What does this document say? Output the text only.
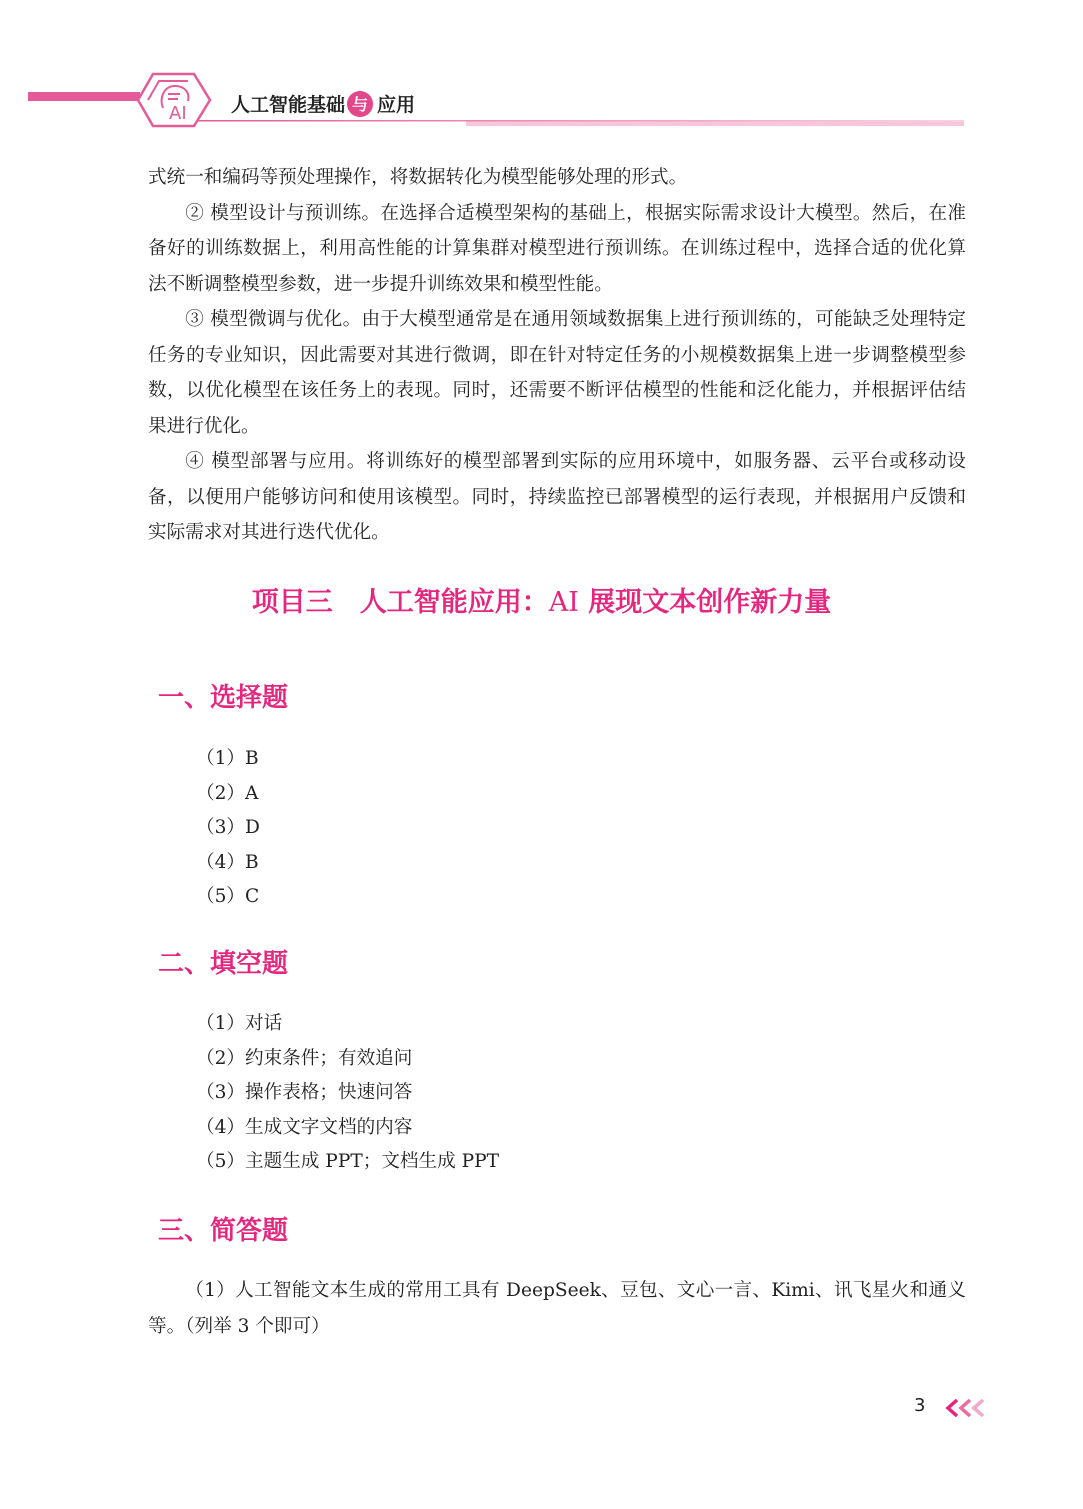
AI 人工智能基础 与 应用

式统一和编码等预处理操作，将数据转化为模型能够处理的形式。

② 模型设计与预训练。在选择合适模型架构的基础上，根据实际需求设计大模型。然后，在准备好的训练数据上，利用高性能的计算集群对模型进行预训练。在训练过程中，选择合适的优化算法不断调整模型参数，进一步提升训练效果和模型性能。

③ 模型微调与优化。由于大模型通常是在通用领域数据集上进行预训练的，可能缺乏处理特定任务的专业知识，因此需要对其进行微调，即在针对特定任务的小规模数据集上进一步调整模型参数，以优化模型在该任务上的表现。同时，还需要不断评估模型的性能和泛化能力，并根据评估结果进行优化。

④ 模型部署与应用。将训练好的模型部署到实际的应用环境中，如服务器、云平台或移动设备，以便用户能够访问和使用该模型。同时，持续监控已部署模型的运行表现，并根据用户反馈和实际需求对其进行迭代优化。

项目三　人工智能应用：AI 展现文本创作新力量
一、选择题
（1）B
（2）A
（3）D
（4）B
（5）C
二、填空题
（1）对话
（2）约束条件；有效追问
（3）操作表格；快速问答
（4）生成文字文档的内容
（5）主题生成 PPT；文档生成 PPT
三、简答题

（1）人工智能文本生成的常用工具有 DeepSeek、豆包、文心一言、Kimi、讯飞星火和通义等。（列举 3 个即可）

3
